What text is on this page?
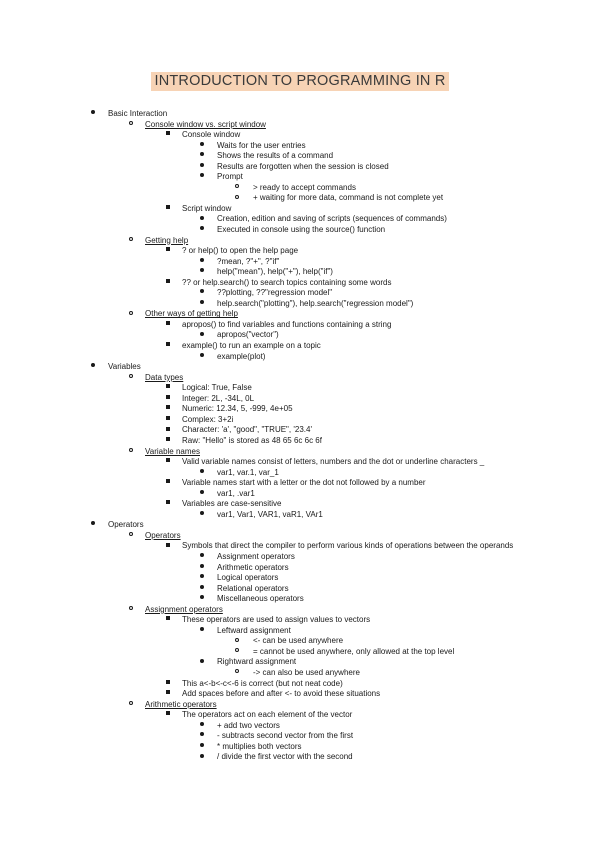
INTRODUCTION TO PROGRAMMING IN R
Basic Interaction
Console window vs. script window
Console window
Waits for the user entries
Shows the results of a command
Results are forgotten when the session is closed
Prompt
> ready to accept commands
+ waiting for more data, command is not complete yet
Script window
Creation, edition and saving of scripts (sequences of commands)
Executed in console using the source() function
Getting help
? or help() to open the help page
?mean, ?"+", ?"if"
help("mean"), help("+"), help("if")
?? or help.search() to search topics containing some words
??plotting, ??"regression model"
help.search("plotting"), help.search("regression model")
Other ways of getting help
apropos() to find variables and functions containing a string
apropos("vector")
example() to run an example on a topic
example(plot)
Variables
Data types
Logical: True, False
Integer: 2L, -34L, 0L
Numeric: 12.34, 5, -999, 4e+05
Complex: 3+2i
Character: 'a', "good", "TRUE", '23.4'
Raw: "Hello" is stored as 48 65 6c 6c 6f
Variable names
Valid variable names consist of letters, numbers and the dot or underline characters _
var1, var.1, var_1
Variable names start with a letter or the dot not followed by a number
var1, .var1
Variables are case-sensitive
var1, Var1, VAR1, vaR1, VAr1
Operators
Operators
Symbols that direct the compiler to perform various kinds of operations between the operands
Assignment operators
Arithmetic operators
Logical operators
Relational operators
Miscellaneous operators
Assignment operators
These operators are used to assign values to vectors
Leftward assignment
<- can be used anywhere
= cannot be used anywhere, only allowed at the top level
Rightward assignment
-> can also be used anywhere
This a<-b<-c<-6 is correct (but not neat code)
Add spaces before and after <- to avoid these situations
Arithmetic operators
The operators act on each element of the vector
+ add two vectors
- subtracts second vector from the first
* multiplies both vectors
/ divide the first vector with the second
